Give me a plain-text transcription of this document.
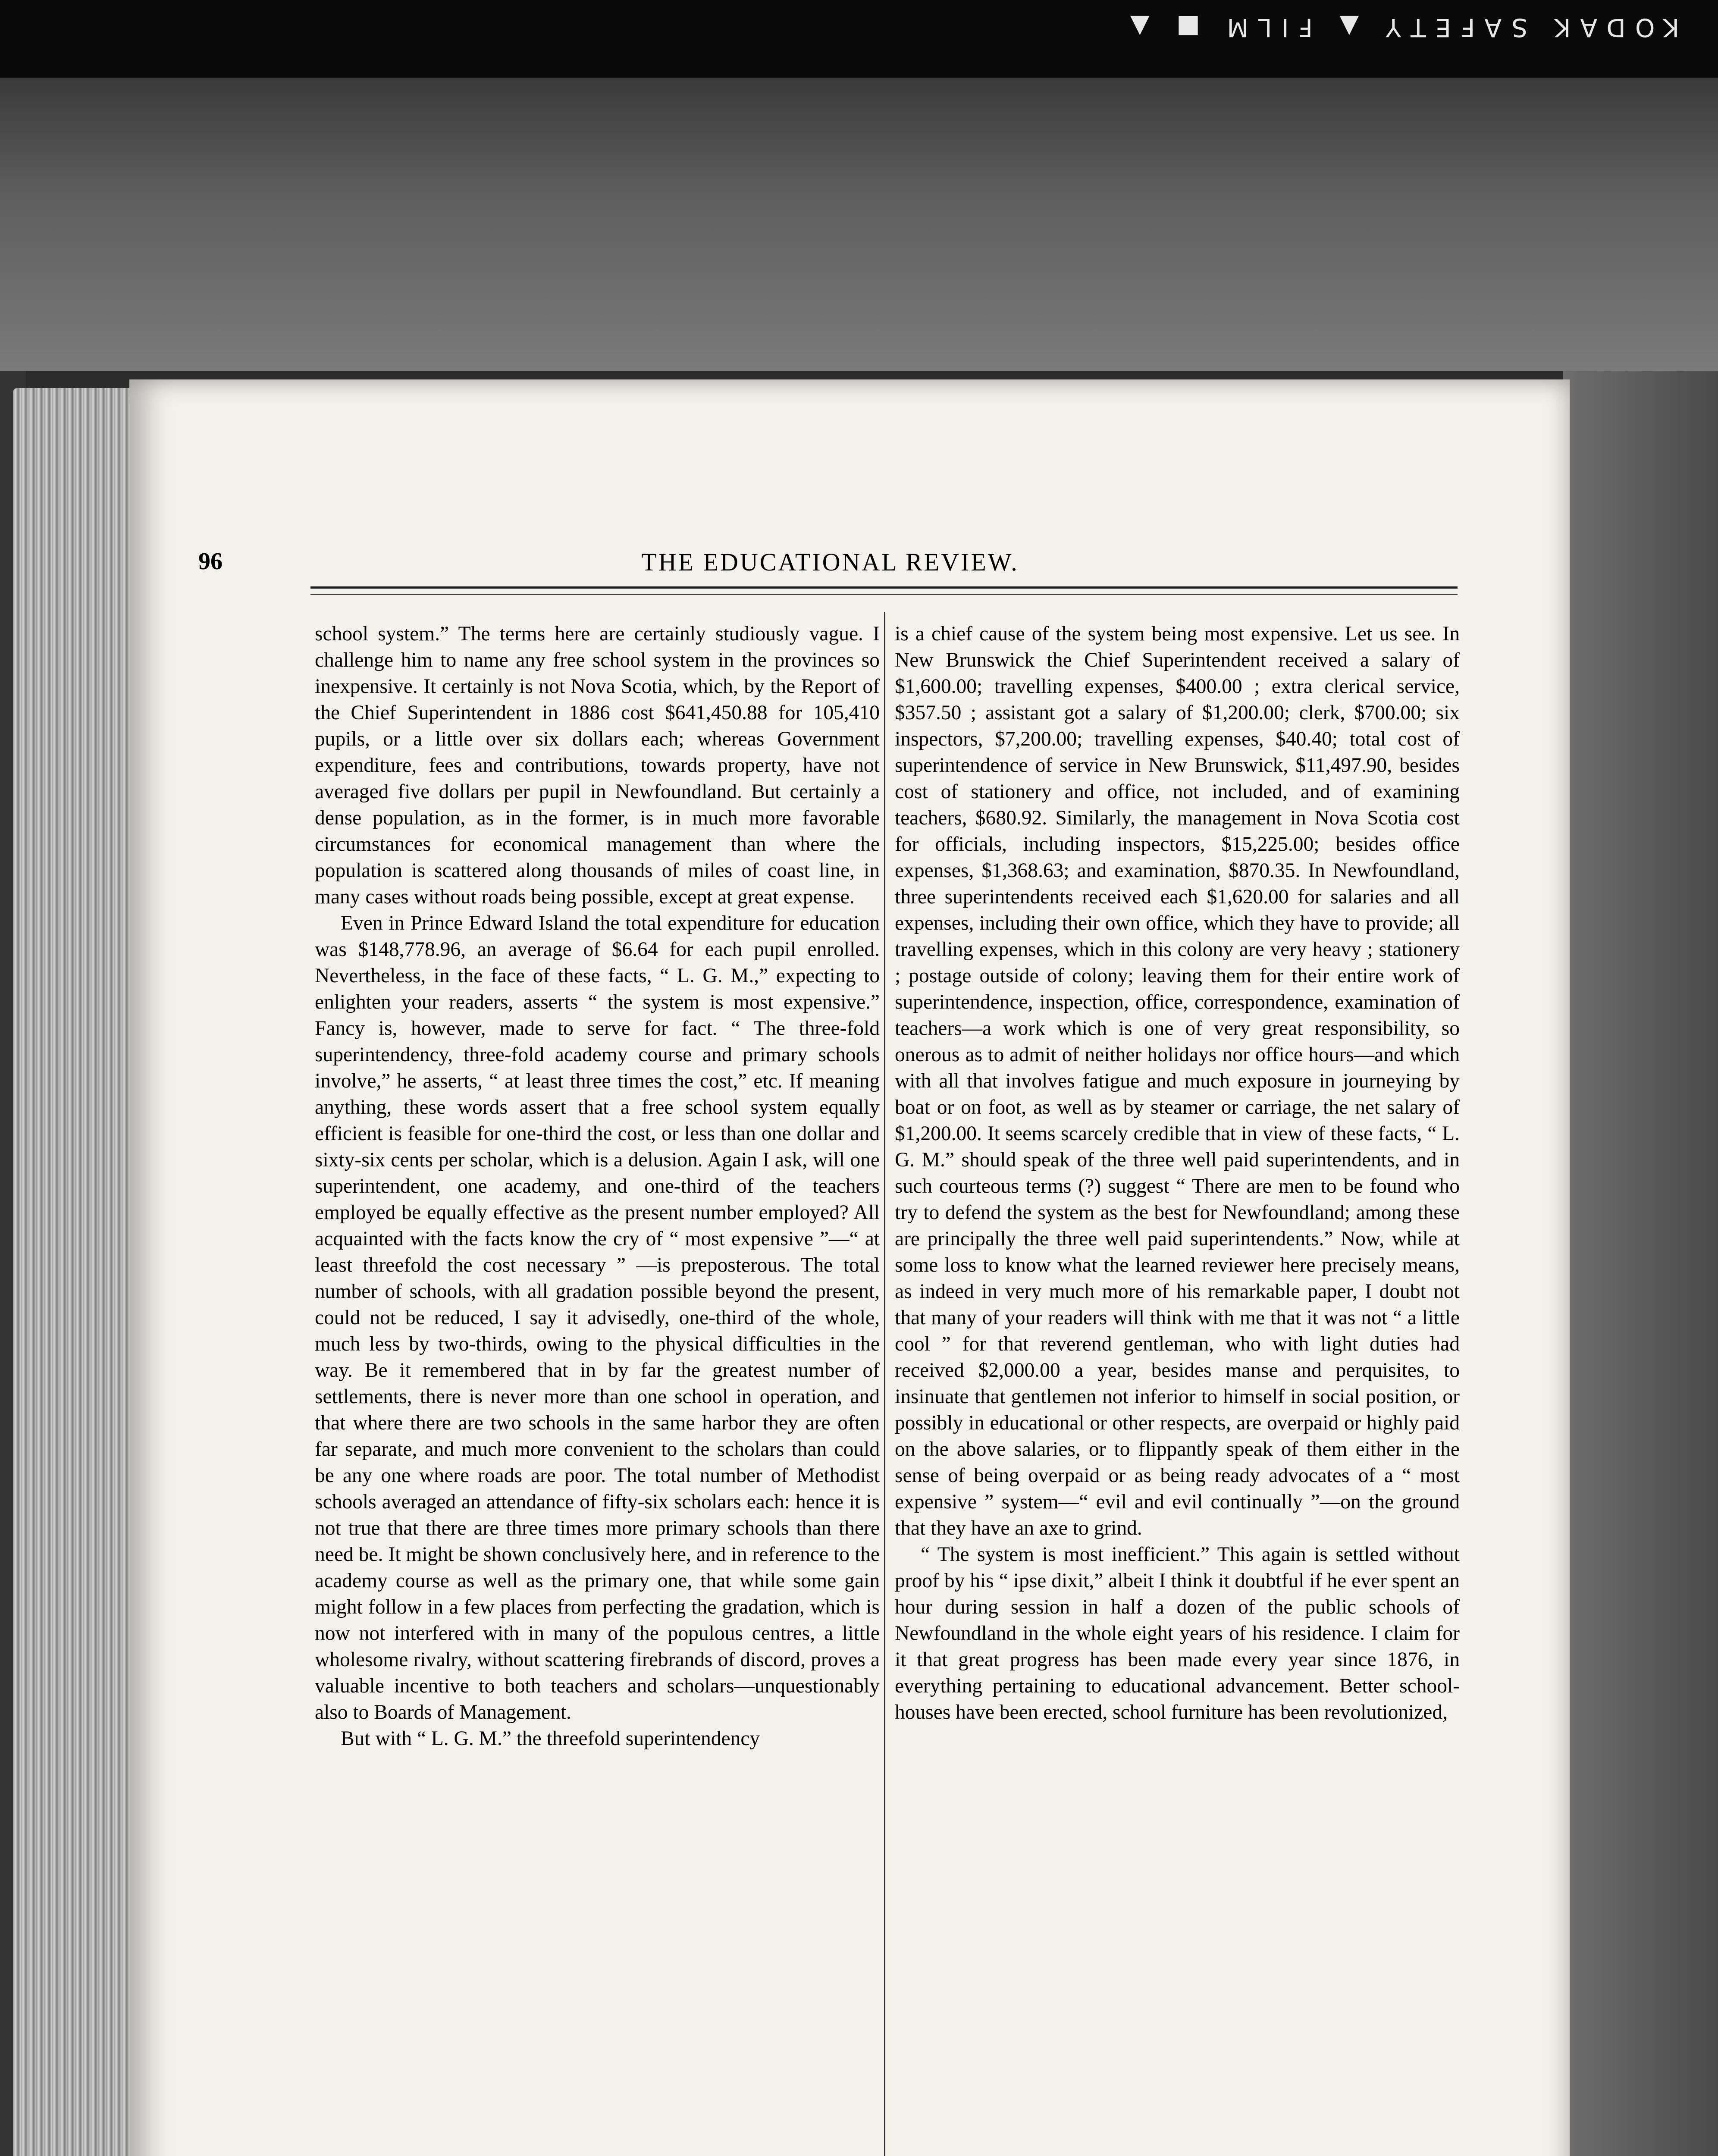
KODAK SAFETY ▲ FILM ■ ▲
96	THE EDUCATIONAL REVIEW.

school system.” The terms here are certainly studiously vague. I challenge him to name any free school system in the provinces so inexpensive. It certainly is not Nova Scotia, which, by the Report of the Chief Superintendent in 1886 cost $641,450.88 for 105,410 pupils, or a little over six dollars each; whereas Government expenditure, fees and contributions, towards property, have not averaged five dollars per pupil in Newfoundland. But certainly a dense population, as in the former, is in much more favorable circumstances for economical management than where the population is scattered along thousands of miles of coast line, in many cases without roads being possible, except at great expense.

Even in Prince Edward Island the total expenditure for education was $148,778.96, an average of $6.64 for each pupil enrolled. Nevertheless, in the face of these facts, “ L. G. M.,” expecting to enlighten your readers, asserts “ the system is most expensive.” Fancy is, however, made to serve for fact. “ The three-fold superintendency, three-fold academy course and primary schools involve,” he asserts, “ at least three times the cost,” etc. If meaning anything, these words assert that a free school system equally efficient is feasible for one-third the cost, or less than one dollar and sixty-six cents per scholar, which is a delusion. Again I ask, will one superintendent, one academy, and one-third of the teachers employed be equally effective as the present number employed? All acquainted with the facts know the cry of “ most expensive ”—“ at least threefold the cost necessary ” —is preposterous. The total number of schools, with all gradation possible beyond the present, could not be reduced, I say it advisedly, one-third of the whole, much less by two-thirds, owing to the physical difficulties in the way. Be it remembered that in by far the greatest number of settlements, there is never more than one school in operation, and that where there are two schools in the same harbor they are often far separate, and much more convenient to the scholars than could be any one where roads are poor. The total number of Methodist schools averaged an attendance of fifty-six scholars each: hence it is not true that there are three times more primary schools than there need be. It might be shown conclusively here, and in reference to the academy course as well as the primary one, that while some gain might follow in a few places from perfecting the gradation, which is now not interfered with in many of the populous centres, a little wholesome rivalry, without scattering firebrands of discord, proves a valuable incentive to both teachers and scholars—unquestionably also to Boards of Management.

But with “ L. G. M.” the threefold superintendency

is a chief cause of the system being most expensive. Let us see. In New Brunswick the Chief Superintendent received a salary of $1,600.00; travelling expenses, $400.00 ; extra clerical service, $357.50 ; assistant got a salary of $1,200.00; clerk, $700.00; six inspectors, $7,200.00; travelling expenses, $40.40; total cost of superintendence of service in New Brunswick, $11,497.90, besides cost of stationery and office, not included, and of examining teachers, $680.92. Similarly, the management in Nova Scotia cost for officials, including inspectors, $15,225.00; besides office expenses, $1,368.63; and examination, $870.35. In Newfoundland, three superintendents received each $1,620.00 for salaries and all expenses, including their own office, which they have to provide; all travelling expenses, which in this colony are very heavy ; stationery ; postage outside of colony; leaving them for their entire work of superintendence, inspection, office, correspondence, examination of teachers—a work which is one of very great responsibility, so onerous as to admit of neither holidays nor office hours—and which with all that involves fatigue and much exposure in journeying by boat or on foot, as well as by steamer or carriage, the net salary of $1,200.00. It seems scarcely credible that in view of these facts, “ L. G. M.” should speak of the three well paid superintendents, and in such courteous terms (?) suggest “ There are men to be found who try to defend the system as the best for Newfoundland; among these are principally the three well paid superintendents.” Now, while at some loss to know what the learned reviewer here precisely means, as indeed in very much more of his remarkable paper, I doubt not that many of your readers will think with me that it was not “ a little cool ” for that reverend gentleman, who with light duties had received $2,000.00 a year, besides manse and perquisites, to insinuate that gentlemen not inferior to himself in social position, or possibly in educational or other respects, are overpaid or highly paid on the above salaries, or to flippantly speak of them either in the sense of being overpaid or as being ready advocates of a “ most expensive ” system—“ evil and evil continually ”—on the ground that they have an axe to grind.

“ The system is most inefficient.” This again is settled without proof by his “ ipse dixit,” albeit I think it doubtful if he ever spent an hour during session in half a dozen of the public schools of Newfoundland in the whole eight years of his residence. I claim for it that great progress has been made every year since 1876, in everything pertaining to educational advancement. Better school-houses have been erected, school furniture has been revolutionized,
